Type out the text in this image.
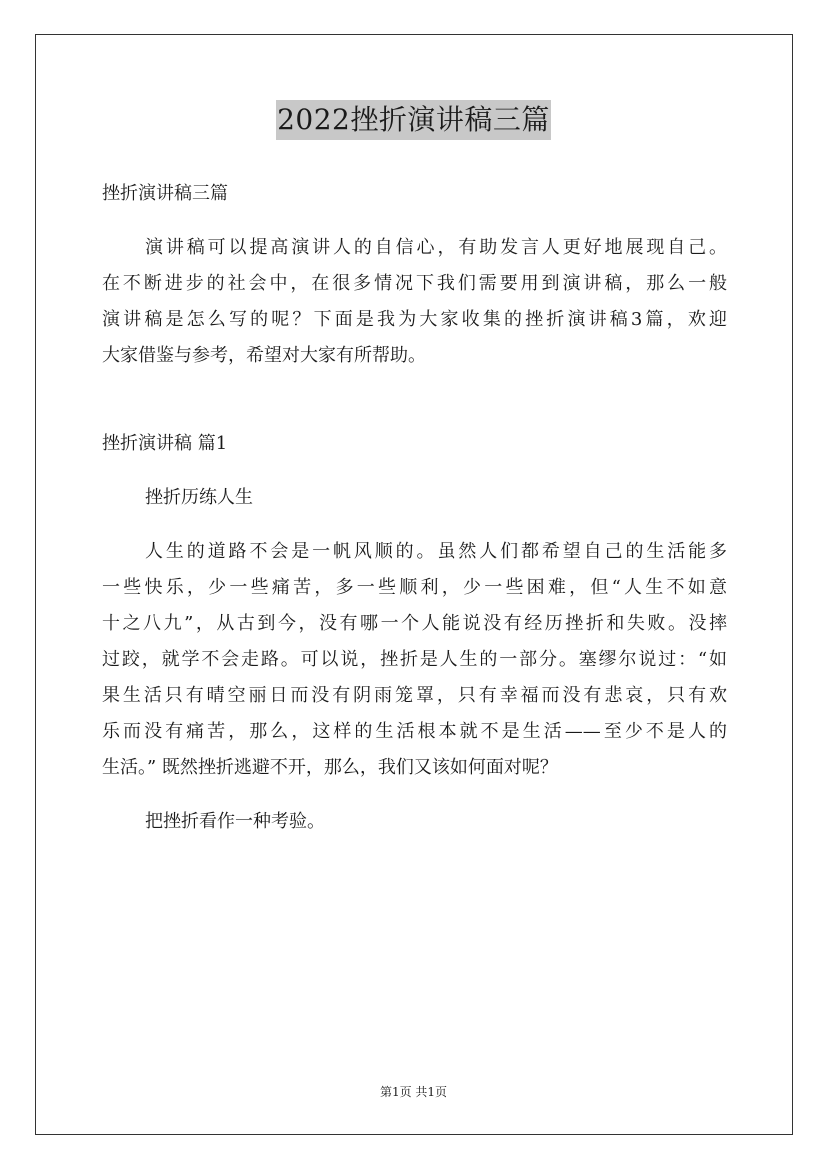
2022挫折演讲稿三篇
挫折演讲稿三篇
演讲稿可以提高演讲人的自信心，有助发言人更好地展现自己。
在不断进步的社会中，在很多情况下我们需要用到演讲稿，那么一般
演讲稿是怎么写的呢？下面是我为大家收集的挫折演讲稿3篇，欢迎
大家借鉴与参考，希望对大家有所帮助。
挫折演讲稿 篇1
挫折历练人生
人生的道路不会是一帆风顺的。虽然人们都希望自己的生活能多
一些快乐，少一些痛苦，多一些顺利，少一些困难，但“人生不如意
十之八九”，从古到今，没有哪一个人能说没有经历挫折和失败。没摔
过跤，就学不会走路。可以说，挫折是人生的一部分。塞缪尔说过：“如
果生活只有晴空丽日而没有阴雨笼罩，只有幸福而没有悲哀，只有欢
乐而没有痛苦，那么，这样的生活根本就不是生活——至少不是人的
生活。” 既然挫折逃避不开，那么，我们又该如何面对呢？
把挫折看作一种考验。
第1页 共1页
